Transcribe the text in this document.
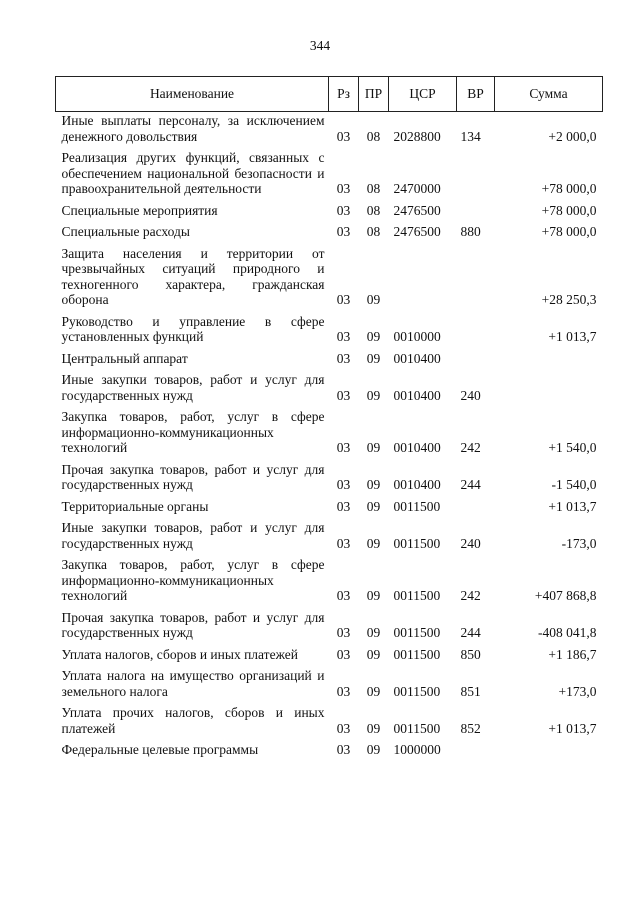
344
Наименование	Рз	ПР	ЦСР	ВР	Сумма
Иные выплаты персоналу, за исключением денежного довольствия	03	08	2028800	134	+2 000,0
Реализация других функций, связанных с обеспечением национальной безопасности и правоохранительной деятельности	03	08	2470000		+78 000,0
Специальные мероприятия	03	08	2476500		+78 000,0
Специальные расходы	03	08	2476500	880	+78 000,0
Защита населения и территории от чрезвычайных ситуаций природного и техногенного характера, гражданская оборона	03	09			+28 250,3
Руководство и управление в сфере установленных функций	03	09	0010000		+1 013,7
Центральный аппарат	03	09	0010400		
Иные закупки товаров, работ и услуг для государственных нужд	03	09	0010400	240	
Закупка товаров, работ, услуг в сфере информационно-коммуникационных технологий	03	09	0010400	242	+1 540,0
Прочая закупка товаров, работ и услуг для государственных нужд	03	09	0010400	244	-1 540,0
Территориальные органы	03	09	0011500		+1 013,7
Иные закупки товаров, работ и услуг для государственных нужд	03	09	0011500	240	-173,0
Закупка товаров, работ, услуг в сфере информационно-коммуникационных технологий	03	09	0011500	242	+407 868,8
Прочая закупка товаров, работ и услуг для государственных нужд	03	09	0011500	244	-408 041,8
Уплата налогов, сборов и иных платежей	03	09	0011500	850	+1 186,7
Уплата налога на имущество организаций и земельного налога	03	09	0011500	851	+173,0
Уплата прочих налогов, сборов и иных платежей	03	09	0011500	852	+1 013,7
Федеральные целевые программы	03	09	1000000		
